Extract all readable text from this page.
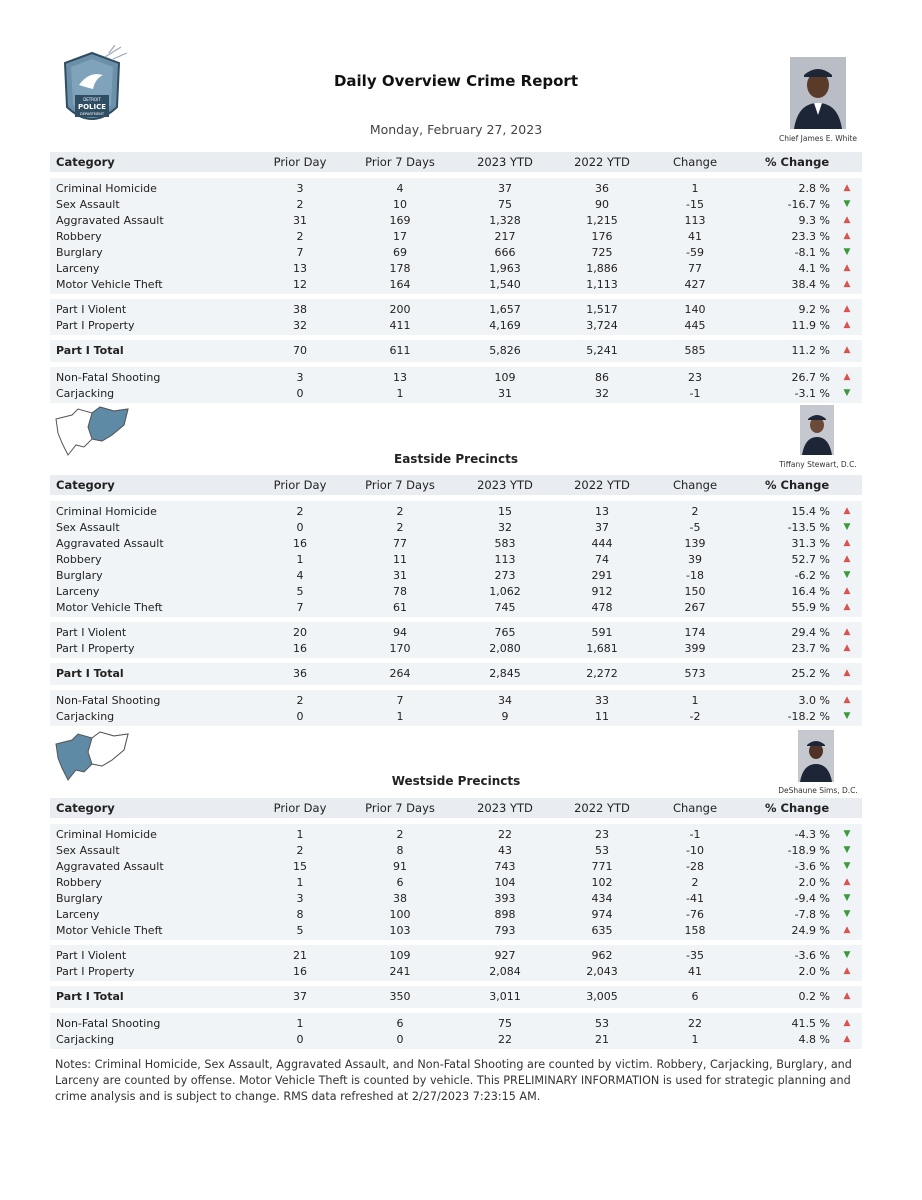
DETROIT
POLICE
DEPARTMENT
Daily Overview Crime Report
Monday, February 27, 2023
Chief James E. White
Tiffany Stewart, D.C.
Eastside Precincts
DeShaune Sims, D.C.
Westside Precincts
Category	Prior Day	Prior 7 Days	2023 YTD	2022 YTD	Change	% Change
Criminal Homicide	3	4	37	36	1	2.8 % ▲
Sex Assault	2	10	75	90	-15	-16.7 % ▼
Aggravated Assault	31	169	1,328	1,215	113	9.3 % ▲
Robbery	2	17	217	176	41	23.3 % ▲
Burglary	7	69	666	725	-59	-8.1 % ▼
Larceny	13	178	1,963	1,886	77	4.1 % ▲
Motor Vehicle Theft	12	164	1,540	1,113	427	38.4 % ▲
Part I Violent	38	200	1,657	1,517	140	9.2 % ▲
Part I Property	32	411	4,169	3,724	445	11.9 % ▲
Part I Total	70	611	5,826	5,241	585	11.2 % ▲
Non-Fatal Shooting	3	13	109	86	23	26.7 % ▲
Carjacking	0	1	31	32	-1	-3.1 % ▼
Category	Prior Day	Prior 7 Days	2023 YTD	2022 YTD	Change	% Change
Criminal Homicide	2	2	15	13	2	15.4 % ▲
Sex Assault	0	2	32	37	-5	-13.5 % ▼
Aggravated Assault	16	77	583	444	139	31.3 % ▲
Robbery	1	11	113	74	39	52.7 % ▲
Burglary	4	31	273	291	-18	-6.2 % ▼
Larceny	5	78	1,062	912	150	16.4 % ▲
Motor Vehicle Theft	7	61	745	478	267	55.9 % ▲
Part I Violent	20	94	765	591	174	29.4 % ▲
Part I Property	16	170	2,080	1,681	399	23.7 % ▲
Part I Total	36	264	2,845	2,272	573	25.2 % ▲
Non-Fatal Shooting	2	7	34	33	1	3.0 % ▲
Carjacking	0	1	9	11	-2	-18.2 % ▼
Category	Prior Day	Prior 7 Days	2023 YTD	2022 YTD	Change	% Change
Criminal Homicide	1	2	22	23	-1	-4.3 % ▼
Sex Assault	2	8	43	53	-10	-18.9 % ▼
Aggravated Assault	15	91	743	771	-28	-3.6 % ▼
Robbery	1	6	104	102	2	2.0 % ▲
Burglary	3	38	393	434	-41	-9.4 % ▼
Larceny	8	100	898	974	-76	-7.8 % ▼
Motor Vehicle Theft	5	103	793	635	158	24.9 % ▲
Part I Violent	21	109	927	962	-35	-3.6 % ▼
Part I Property	16	241	2,084	2,043	41	2.0 % ▲
Part I Total	37	350	3,011	3,005	6	0.2 % ▲
Non-Fatal Shooting	1	6	75	53	22	41.5 % ▲
Carjacking	0	0	22	21	1	4.8 % ▲
Notes: Criminal Homicide, Sex Assault, Aggravated Assault, and Non-Fatal Shooting are counted by victim. Robbery, Carjacking, Burglary, and Larceny are counted by offense. Motor Vehicle Theft is counted by vehicle. This PRELIMINARY INFORMATION is used for strategic planning and crime analysis and is subject to change. RMS data refreshed at 2/27/2023 7:23:15 AM.
